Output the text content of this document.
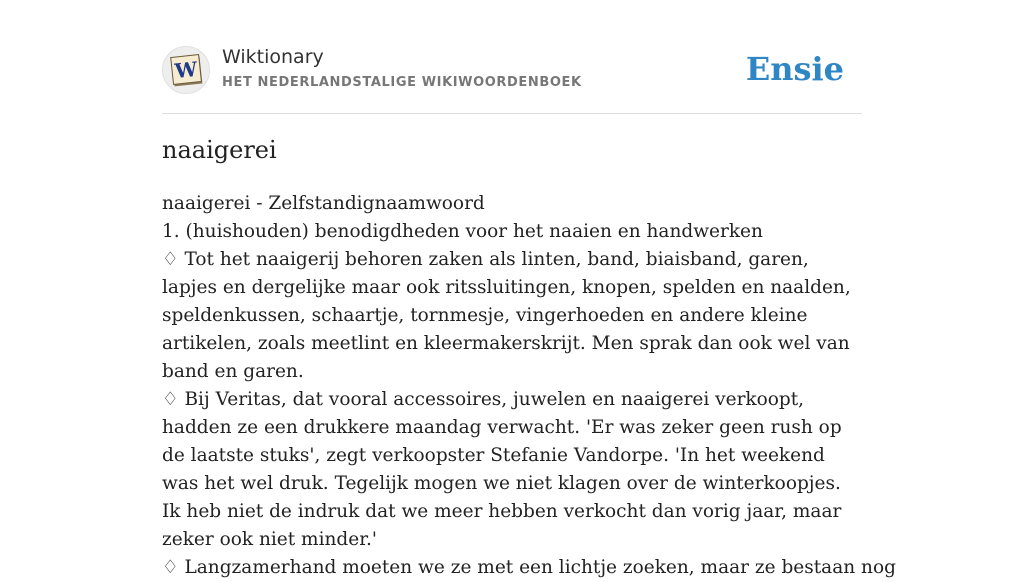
W Wiktionary
HET NEDERLANDSTALIGE WIKIWOORDENBOEK	Ensie
naaigerei

naaigerei - Zelfstandignaamwoord

1. (huishouden) benodigdheden voor het naaien en handwerken

♢ Tot het naaigerij behoren zaken als linten, band, biaisband, garen, lapjes en dergelijke maar ook ritssluitingen, knopen, spelden en naalden, speldenkussen, schaartje, tornmesje, vingerhoeden en andere kleine artikelen, zoals meetlint en kleermakerskrijt. Men sprak dan ook wel van band en garen.

♢ Bij Veritas, dat vooral accessoires, juwelen en naaigerei verkoopt, hadden ze een drukkere maandag verwacht. 'Er was zeker geen rush op de laatste stuks', zegt verkoopster Stefanie Vandorpe. 'In het weekend was het wel druk. Tegelijk mogen we niet klagen over de winterkoopjes. Ik heb niet de indruk dat we meer hebben verkocht dan vorig jaar, maar zeker ook niet minder.'

♢ Langzamerhand moeten we ze met een lichtje zoeken, maar ze bestaan nog
